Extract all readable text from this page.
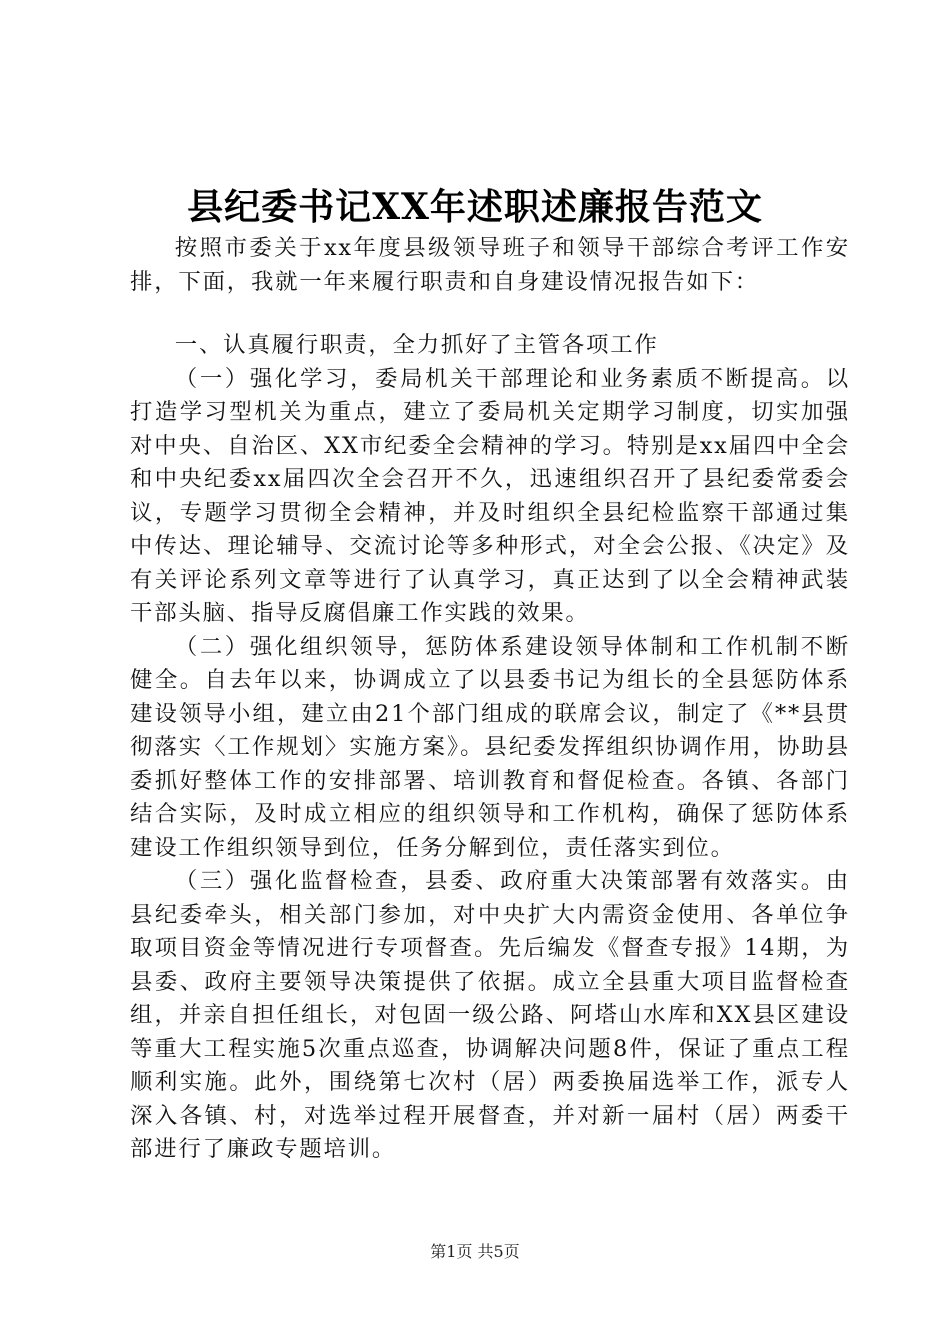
县纪委书记XX年述职述廉报告范文

按照市委关于xx年度县级领导班子和领导干部综合考评工作安排，下面，我就一年来履行职责和自身建设情况报告如下：

一、认真履行职责，全力抓好了主管各项工作

（一）强化学习，委局机关干部理论和业务素质不断提高。以打造学习型机关为重点，建立了委局机关定期学习制度，切实加强对中央、自治区、XX市纪委全会精神的学习。特别是xx届四中全会和中央纪委xx届四次全会召开不久，迅速组织召开了县纪委常委会议，专题学习贯彻全会精神，并及时组织全县纪检监察干部通过集中传达、理论辅导、交流讨论等多种形式，对全会公报、《决定》及有关评论系列文章等进行了认真学习，真正达到了以全会精神武装干部头脑、指导反腐倡廉工作实践的效果。

（二）强化组织领导，惩防体系建设领导体制和工作机制不断健全。自去年以来，协调成立了以县委书记为组长的全县惩防体系建设领导小组，建立由21个部门组成的联席会议，制定了《**县贯彻落实〈工作规划〉实施方案》。县纪委发挥组织协调作用，协助县委抓好整体工作的安排部署、培训教育和督促检查。各镇、各部门结合实际，及时成立相应的组织领导和工作机构，确保了惩防体系建设工作组织领导到位，任务分解到位，责任落实到位。

（三）强化监督检查，县委、政府重大决策部署有效落实。由县纪委牵头，相关部门参加，对中央扩大内需资金使用、各单位争取项目资金等情况进行专项督查。先后编发《督查专报》14期，为县委、政府主要领导决策提供了依据。成立全县重大项目监督检查组，并亲自担任组长，对包固一级公路、阿塔山水库和XX县区建设等重大工程实施5次重点巡查，协调解决问题8件，保证了重点工程顺利实施。此外，围绕第七次村（居）两委换届选举工作，派专人深入各镇、村，对选举过程开展督查，并对新一届村（居）两委干部进行了廉政专题培训。

第1页 共5页
